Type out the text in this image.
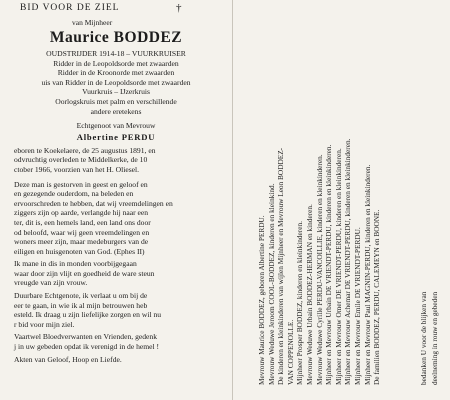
BID VOOR DE ZIEL	†
van Mijnheer
Maurice BODDEZ
OUDSTRIJDER 1914-18 – VUURKRUISER
Ridder in de Leopoldsorde met zwaarden
Ridder in de Kroonorde met zwaarden
uis van Ridder in de Leopoldsorde met zwaarden
Vuurkruis – IJzerkruis
Oorlogskruis met palm en verschillende
andere eretekens
Echtgenoot van Mevrouw
Albertine PERDU
eboren te Koekelaere, de 25 augustus 1891, en
odvruchtig overleden te Middelkerke, de 10
ctober 1966, voorzien van het H. Oliesel.
Deze man is gestorven in geest en geloof en
en gezegende ouderdom, na beleden en
ervoorschreden te hebben, dat wij vreemdelingen en
ziggers zijn op aarde, verlangde hij naar een
ter, dit is, een hemels land, een land ons door
od beloofd, waar wij geen vreemdelingen en
woners meer zijn, maar medeburgers van de
eiligen en huisgenoten van God. (Ephes II)
Ik mane in dis in monden voorbijgegaan
waar door zijn vlijt en goedheid de ware steun
vreugde van zijn vrouw.
Duurbare Echtgenote, ik verlaat u om bij de
eer te gaan, in wie ik al mijn betrouwen heb
esteld. Ik draag u zijn liefelijke zorgen en wil nu
r bid voor mijn ziel.
Vaartwel Bloedverwanten en Vrienden, gedenk
j in uw gebeden opdat ik verenigd in de hemel !
Akten van Geloof, Hoop en Liefde.	Mevrouw Maurice BODDEZ, geboren Albertine PERDU. Mevrouw Weduwe Jeroom COOL-BODDEZ, kinderen en kleinkind. De kinderen en kleinkinderen van wijlen Mijnheer en Mevrouw Leon BODDEZ- VAN COPPENOLLE. Mijnheer Prosper BODDEZ, kinderen en kleinkinderen. Mevrouw Weduwe Urbain BODDEZ-HERMAN en kinderen. Mevrouw Weduwe Cyrille PERDU-VANCOILLIE, kinderen en kleinkinderen. Mijnheer en Mevrouw Urbain DE VRIENDT-PERDU, kinderen en kleinkinderen. Mijnheer en Mevrouw Omer DE VRIENDT-PERDU, kinderen en kleinkinderen. Mijnheer en Mevrouw Achemar DE VRIENDT-PERDU, kinderen en kleinkinderen. Mijnheer en Mevrouw Emile DE VRIENDT-PERDU. Mijnheer en Mevrouw Paul MAGNIN-PERDU, kinderen en kleinkinderen. De familien BODDEZ, PERDU, CALEMEYN en BOONE.	bedanken U voor de blijken van deelneming in rouw en gebeden
